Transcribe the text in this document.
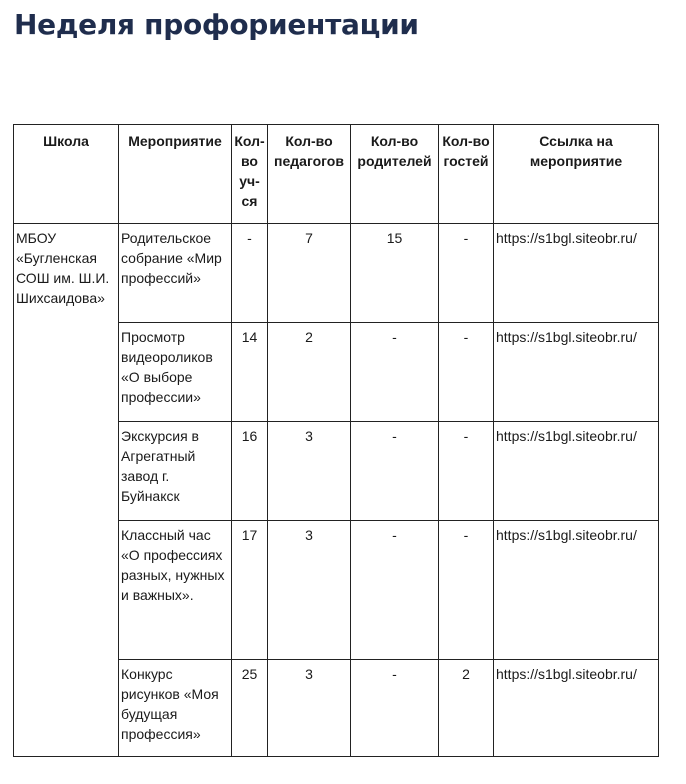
Неделя профориентации
Школа	Мероприятие	Кол-во уч-ся	Кол-во педагогов	Кол-во родителей	Кол-во гостей	Ссылка на мероприятие
МБОУ «Бугленская СОШ им. Ш.И. Шихсаидова»	Родительское собрание «Мир профессий»	-	7	15	-	https://s1bgl.siteobr.ru/
	Просмотр видеороликов «О выборе профессии»	14	2	-	-	https://s1bgl.siteobr.ru/
	Экскурсия в Агрегатный завод г. Буйнакск	16	3	-	-	https://s1bgl.siteobr.ru/
	Классный час «О профессиях разных, нужных и важных».	17	3	-	-	https://s1bgl.siteobr.ru/
	Конкурс рисунков «Моя будущая профессия»	25	3	-	2	https://s1bgl.siteobr.ru/
